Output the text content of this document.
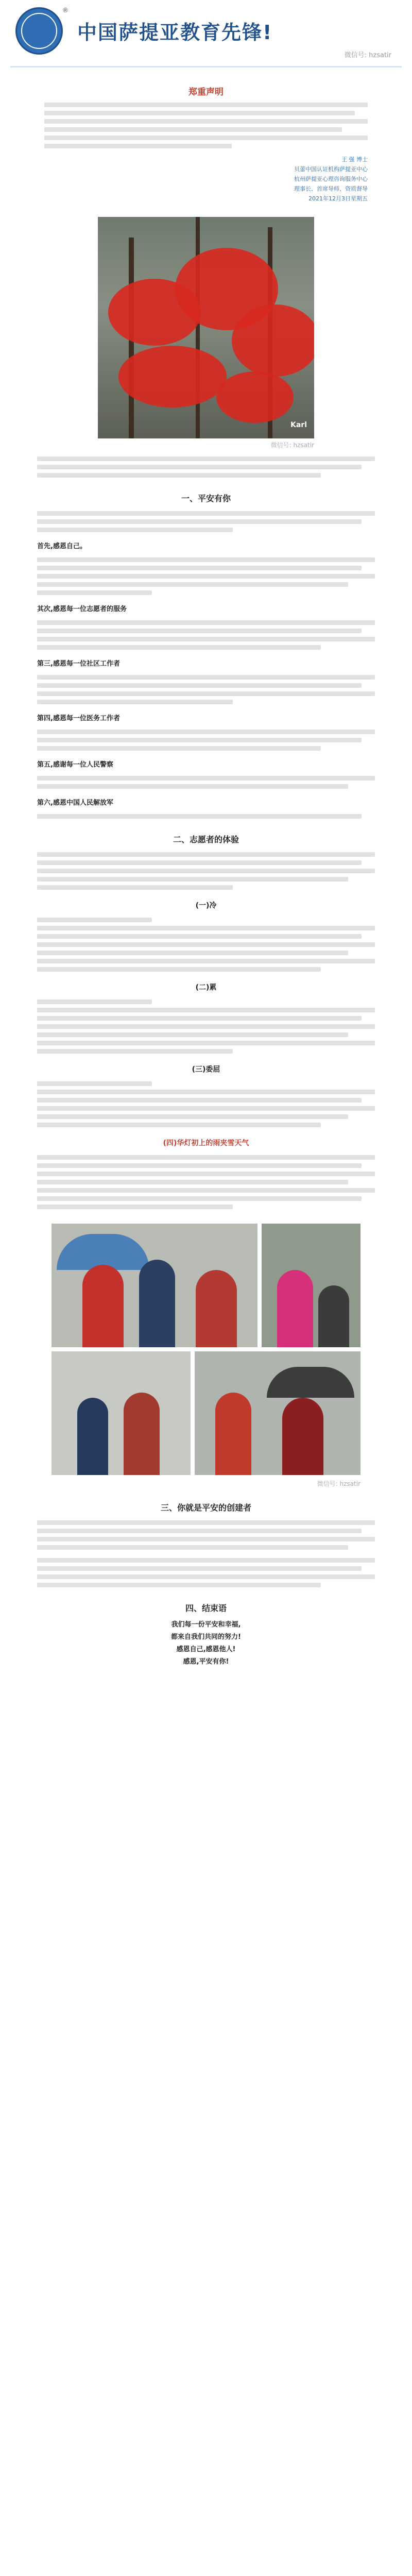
®
中国萨提亚教育先锋!
微信号: hzsatir
郑重声明
王 强 博士
贝蕾中国认证机构萨提亚中心
杭州萨提亚心理咨询服务中心
理事长、首席导师、资质督导
2021年12月3日星期五
Karl
微信号: hzsatir
一、平安有你
首先,感恩自己。
其次,感恩每一位志愿者的服务
第三,感恩每一位社区工作者
第四,感恩每一位医务工作者
第五,感谢每一位人民警察
第六,感恩中国人民解放军
二、志愿者的体验
(一)冷
(二)累
(三)委屈
(四)华灯初上的雨夹雪天气
微信号: hzsatir
三、你就是平安的创建者
四、结束语
我们每一份平安和幸福,
都来自我们共同的努力!
感恩自己,感恩他人!
感恩,平安有你!
